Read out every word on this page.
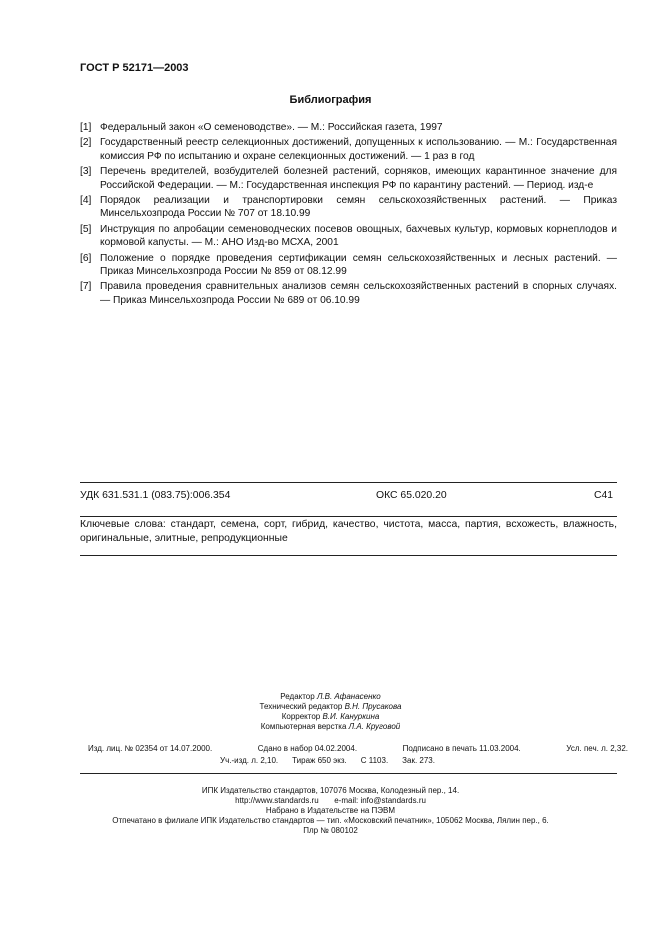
ГОСТ Р 52171—2003
Библиография
[1] Федеральный закон «О семеноводстве». — М.: Российская газета, 1997
[2] Государственный реестр селекционных достижений, допущенных к использованию. — М.: Государственная комиссия РФ по испытанию и охране селекционных достижений. — 1 раз в год
[3] Перечень вредителей, возбудителей болезней растений, сорняков, имеющих карантинное значение для Российской Федерации. — М.: Государственная инспекция РФ по карантину растений. — Период. изд-е
[4] Порядок реализации и транспортировки семян сельскохозяйственных растений. — Приказ Минсельхозпрода России № 707 от 18.10.99
[5] Инструкция по апробации семеноводческих посевов овощных, бахчевых культур, кормовых корнеплодов и кормовой капусты. — М.: АНО Изд-во МСХА, 2001
[6] Положение о порядке проведения сертификации семян сельскохозяйственных и лесных растений. — Приказ Минсельхозпрода России № 859 от 08.12.99
[7] Правила проведения сравнительных анализов семян сельскохозяйственных растений в спорных случаях. — Приказ Минсельхозпрода России № 689 от 06.10.99
УДК 631.531.1 (083.75):006.354	ОКС 65.020.20	С41
Ключевые слова: стандарт, семена, сорт, гибрид, качество, чистота, масса, партия, всхожесть, влажность, оригинальные, элитные, репродукционные
Редактор Л.В. Афанасенко
Технический редактор В.Н. Прусакова
Корректор В.И. Кануркина
Компьютерная верстка Л.А. Круговой
Изд. лиц. № 02354 от 14.07.2000.	Сдано в набор 04.02.2004.	Подписано в печать 11.03.2004.	Усл. печ. л. 2,32.
Уч.-изд. л. 2,10. Тираж 650 экз. С 1103. Зак. 273.
ИПК Издательство стандартов, 107076 Москва, Колодезный пер., 14.
http://www.standards.ru e-mail: info@standards.ru
Набрано в Издательстве на ПЭВМ
Отпечатано в филиале ИПК Издательство стандартов — тип. «Московский печатник», 105062 Москва, Лялин пер., 6.
Плр № 080102
